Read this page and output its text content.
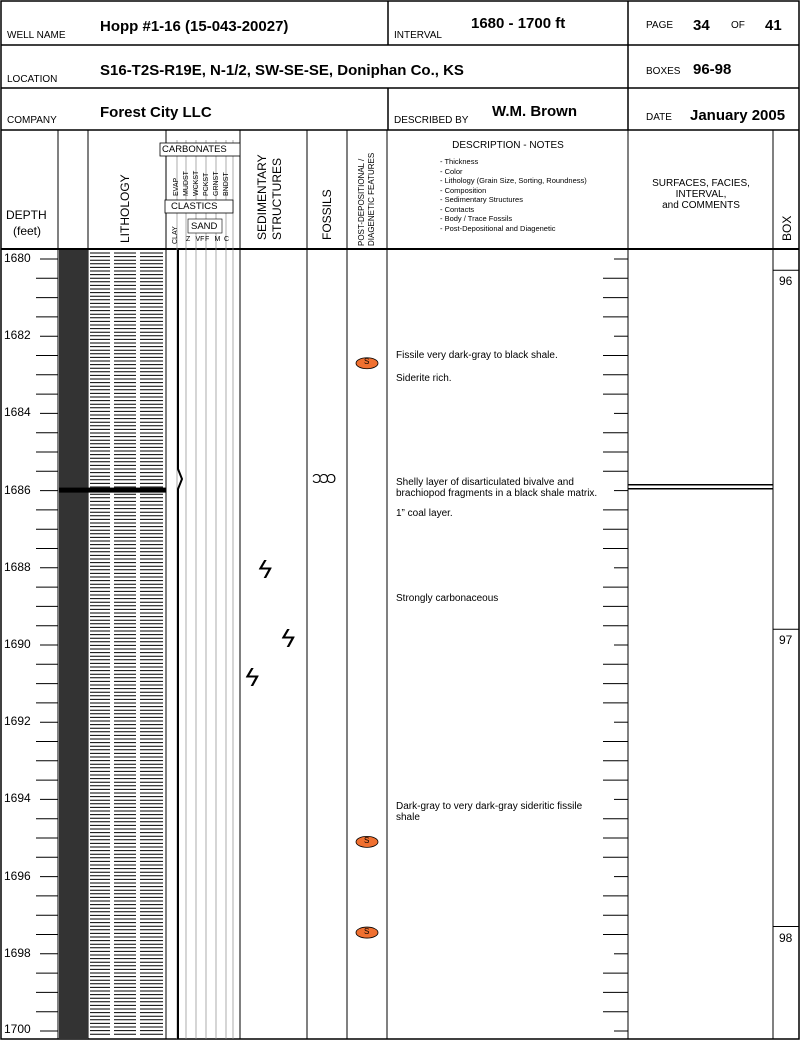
WELL NAME
Hopp #1-16 (15-043-20027)
INTERVAL
1680 - 1700 ft	PAGE 34 OF 41
LOCATION
S16-T2S-R19E, N-1/2, SW-SE-SE, Doniphan Co., KS	BOXES 96-98
COMPANY	Forest City LLC	DESCRIBED BY
W.M. Brown	DATE January 2005
DEPTH
(feet)	LITHOLOGY
CARBONATES
EVAP MUDST WCKST PCKST GRNST BNDST
CLASTICS
CLAY SAND
Z VF F M C SEDIMENTARY STRUCTURES	FOSSILS	POST-DEPOSITIONAL / DIAGENETIC FEATURES
DESCRIPTION - NOTES
- Thickness
- Color
- Lithology (Grain Size, Sorting, Roundness)
- Composition
- Sedimentary Structures
- Contacts
- Body / Trace Fossils
- Post-Depositional and Diagenetic
SURFACES, FACIES,
INTERVAL,
and COMMENTS
BOX
1680
1682
1684
1686
1688
1690
1692
1694
1696
1698
1700
Fissile very dark-gray to black shale.
Siderite rich.
Shelly layer of disarticulated bivalve and brachiopod fragments in a black shale matrix.
1” coal layer.
Strongly carbonaceous
Dark-gray to very dark-gray sideritic fissile shale
S
S
S
ƆƆƆ
ϟ
ϟ
ϟ
96
97
98
